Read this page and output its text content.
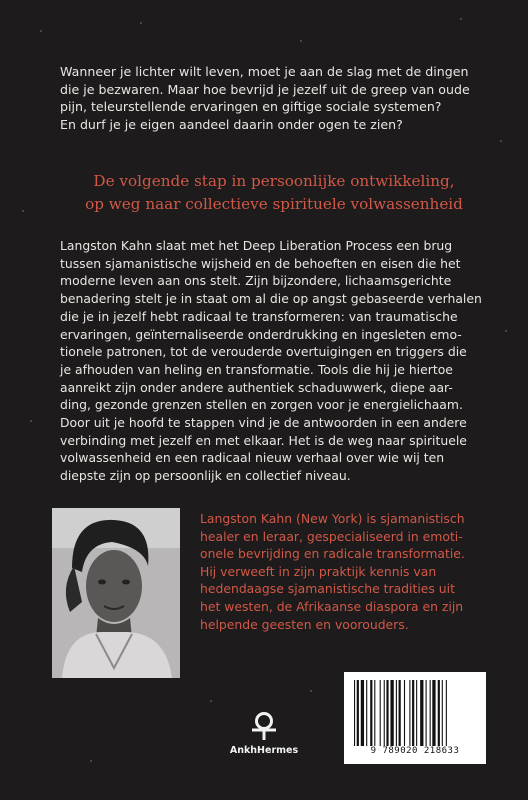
Wanneer je lichter wilt leven, moet je aan de slag met de dingen
die je bezwaren. Maar hoe bevrijd je jezelf uit de greep van oude
pijn, teleurstellende ervaringen en giftige sociale systemen?
En durf je je eigen aandeel daarin onder ogen te zien?
De volgende stap in persoonlijke ontwikkeling,
op weg naar collectieve spirituele volwassenheid
Langston Kahn slaat met het Deep Liberation Process een brug
tussen sjamanistische wijsheid en de behoeften en eisen die het
moderne leven aan ons stelt. Zijn bijzondere, lichaamsgerichte
benadering stelt je in staat om al die op angst gebaseerde verhalen
die je in jezelf hebt radicaal te transformeren: van traumatische
ervaringen, geïnternaliseerde onderdrukking en ingesleten emo-
tionele patronen, tot de verouderde overtuigingen en triggers die
je afhouden van heling en transformatie. Tools die hij je hiertoe
aanreikt zijn onder andere authentiek schaduwwerk, diepe aar-
ding, gezonde grenzen stellen en zorgen voor je energielichaam.
Door uit je hoofd te stappen vind je de antwoorden in een andere
verbinding met jezelf en met elkaar. Het is de weg naar spirituele
volwassenheid en een radicaal nieuw verhaal over wie wij ten
diepste zijn op persoonlijk en collectief niveau.
Langston Kahn (New York) is sjamanistisch
healer en leraar, gespecialiseerd in emoti-
onele bevrijding en radicale transformatie.
Hij verweeft in zijn praktijk kennis van
hedendaagse sjamanistische tradities uit
het westen, de Afrikaanse diaspora en zijn
helpende geesten en voorouders.
AnkhHermes	9 789020 218633
